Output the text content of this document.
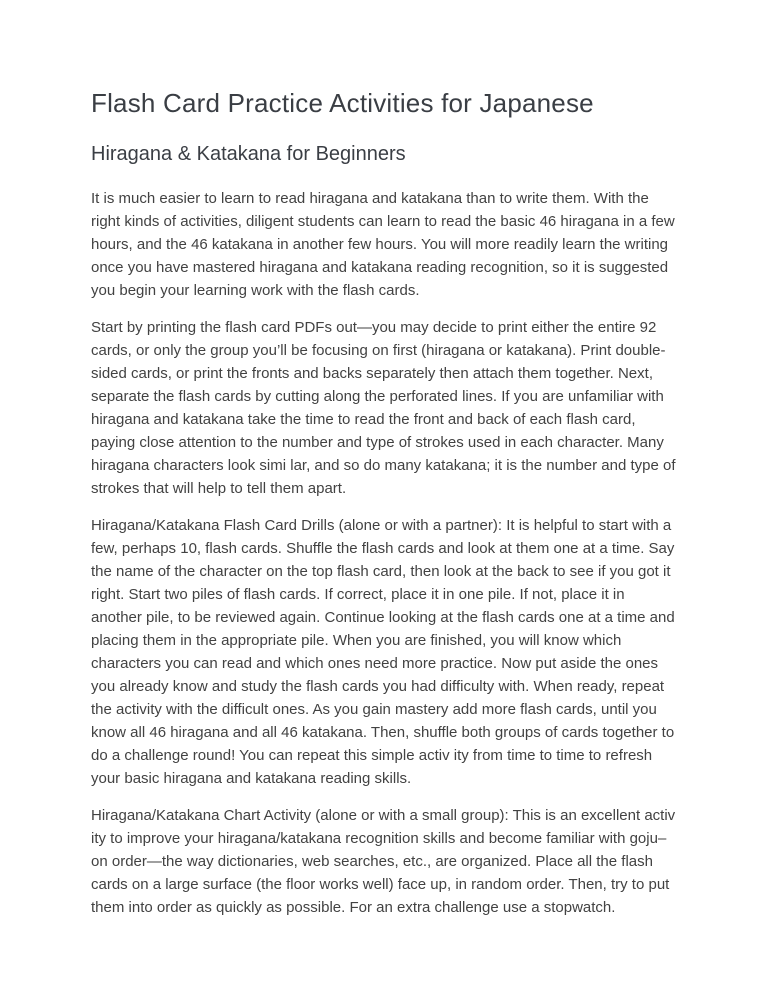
Flash Card Practice Activities for Japanese
Hiragana & Katakana for Beginners

It is much easier to learn to read hiragana and katakana than to write them. With the right kinds of activities, diligent students can learn to read the basic 46 hiragana in a few hours, and the 46 katakana in another few hours. You will more readily learn the writing once you have mastered hiragana and katakana reading recognition, so it is suggested you begin your learning work with the flash cards.

Start by printing the flash card PDFs out—you may decide to print either the entire 92 cards, or only the group you’ll be focusing on first (hiragana or katakana). Print double-sided cards, or print the fronts and backs separately then attach them together. Next, separate the flash cards by cutting along the perforated lines. If you are unfamiliar with hiragana and katakana take the time to read the front and back of each flash card, paying close attention to the number and type of strokes used in each character. Many hiragana characters look simi lar, and so do many katakana; it is the number and type of strokes that will help to tell them apart.

Hiragana/Katakana Flash Card Drills (alone or with a partner): It is helpful to start with a few, perhaps 10, flash cards. Shuffle the flash cards and look at them one at a time. Say the name of the character on the top flash card, then look at the back to see if you got it right. Start two piles of flash cards. If correct, place it in one pile. If not, place it in another pile, to be reviewed again. Continue looking at the flash cards one at a time and placing them in the appropriate pile. When you are finished, you will know which characters you can read and which ones need more practice. Now put aside the ones you already know and study the flash cards you had difficulty with. When ready, repeat the activity with the difficult ones. As you gain mastery add more flash cards, until you know all 46 hiragana and all 46 katakana. Then, shuffle both groups of cards together to do a challenge round! You can repeat this simple activ ity from time to time to refresh your basic hiragana and katakana reading skills.

Hiragana/Katakana Chart Activity (alone or with a small group): This is an excellent activ ity to improve your hiragana/katakana recognition skills and become familiar with goju–on order—the way dictionaries, web searches, etc., are organized. Place all the flash cards on a large surface (the floor works well) face up, in random order. Then, try to put them into order as quickly as possible. For an extra challenge use a stopwatch.
